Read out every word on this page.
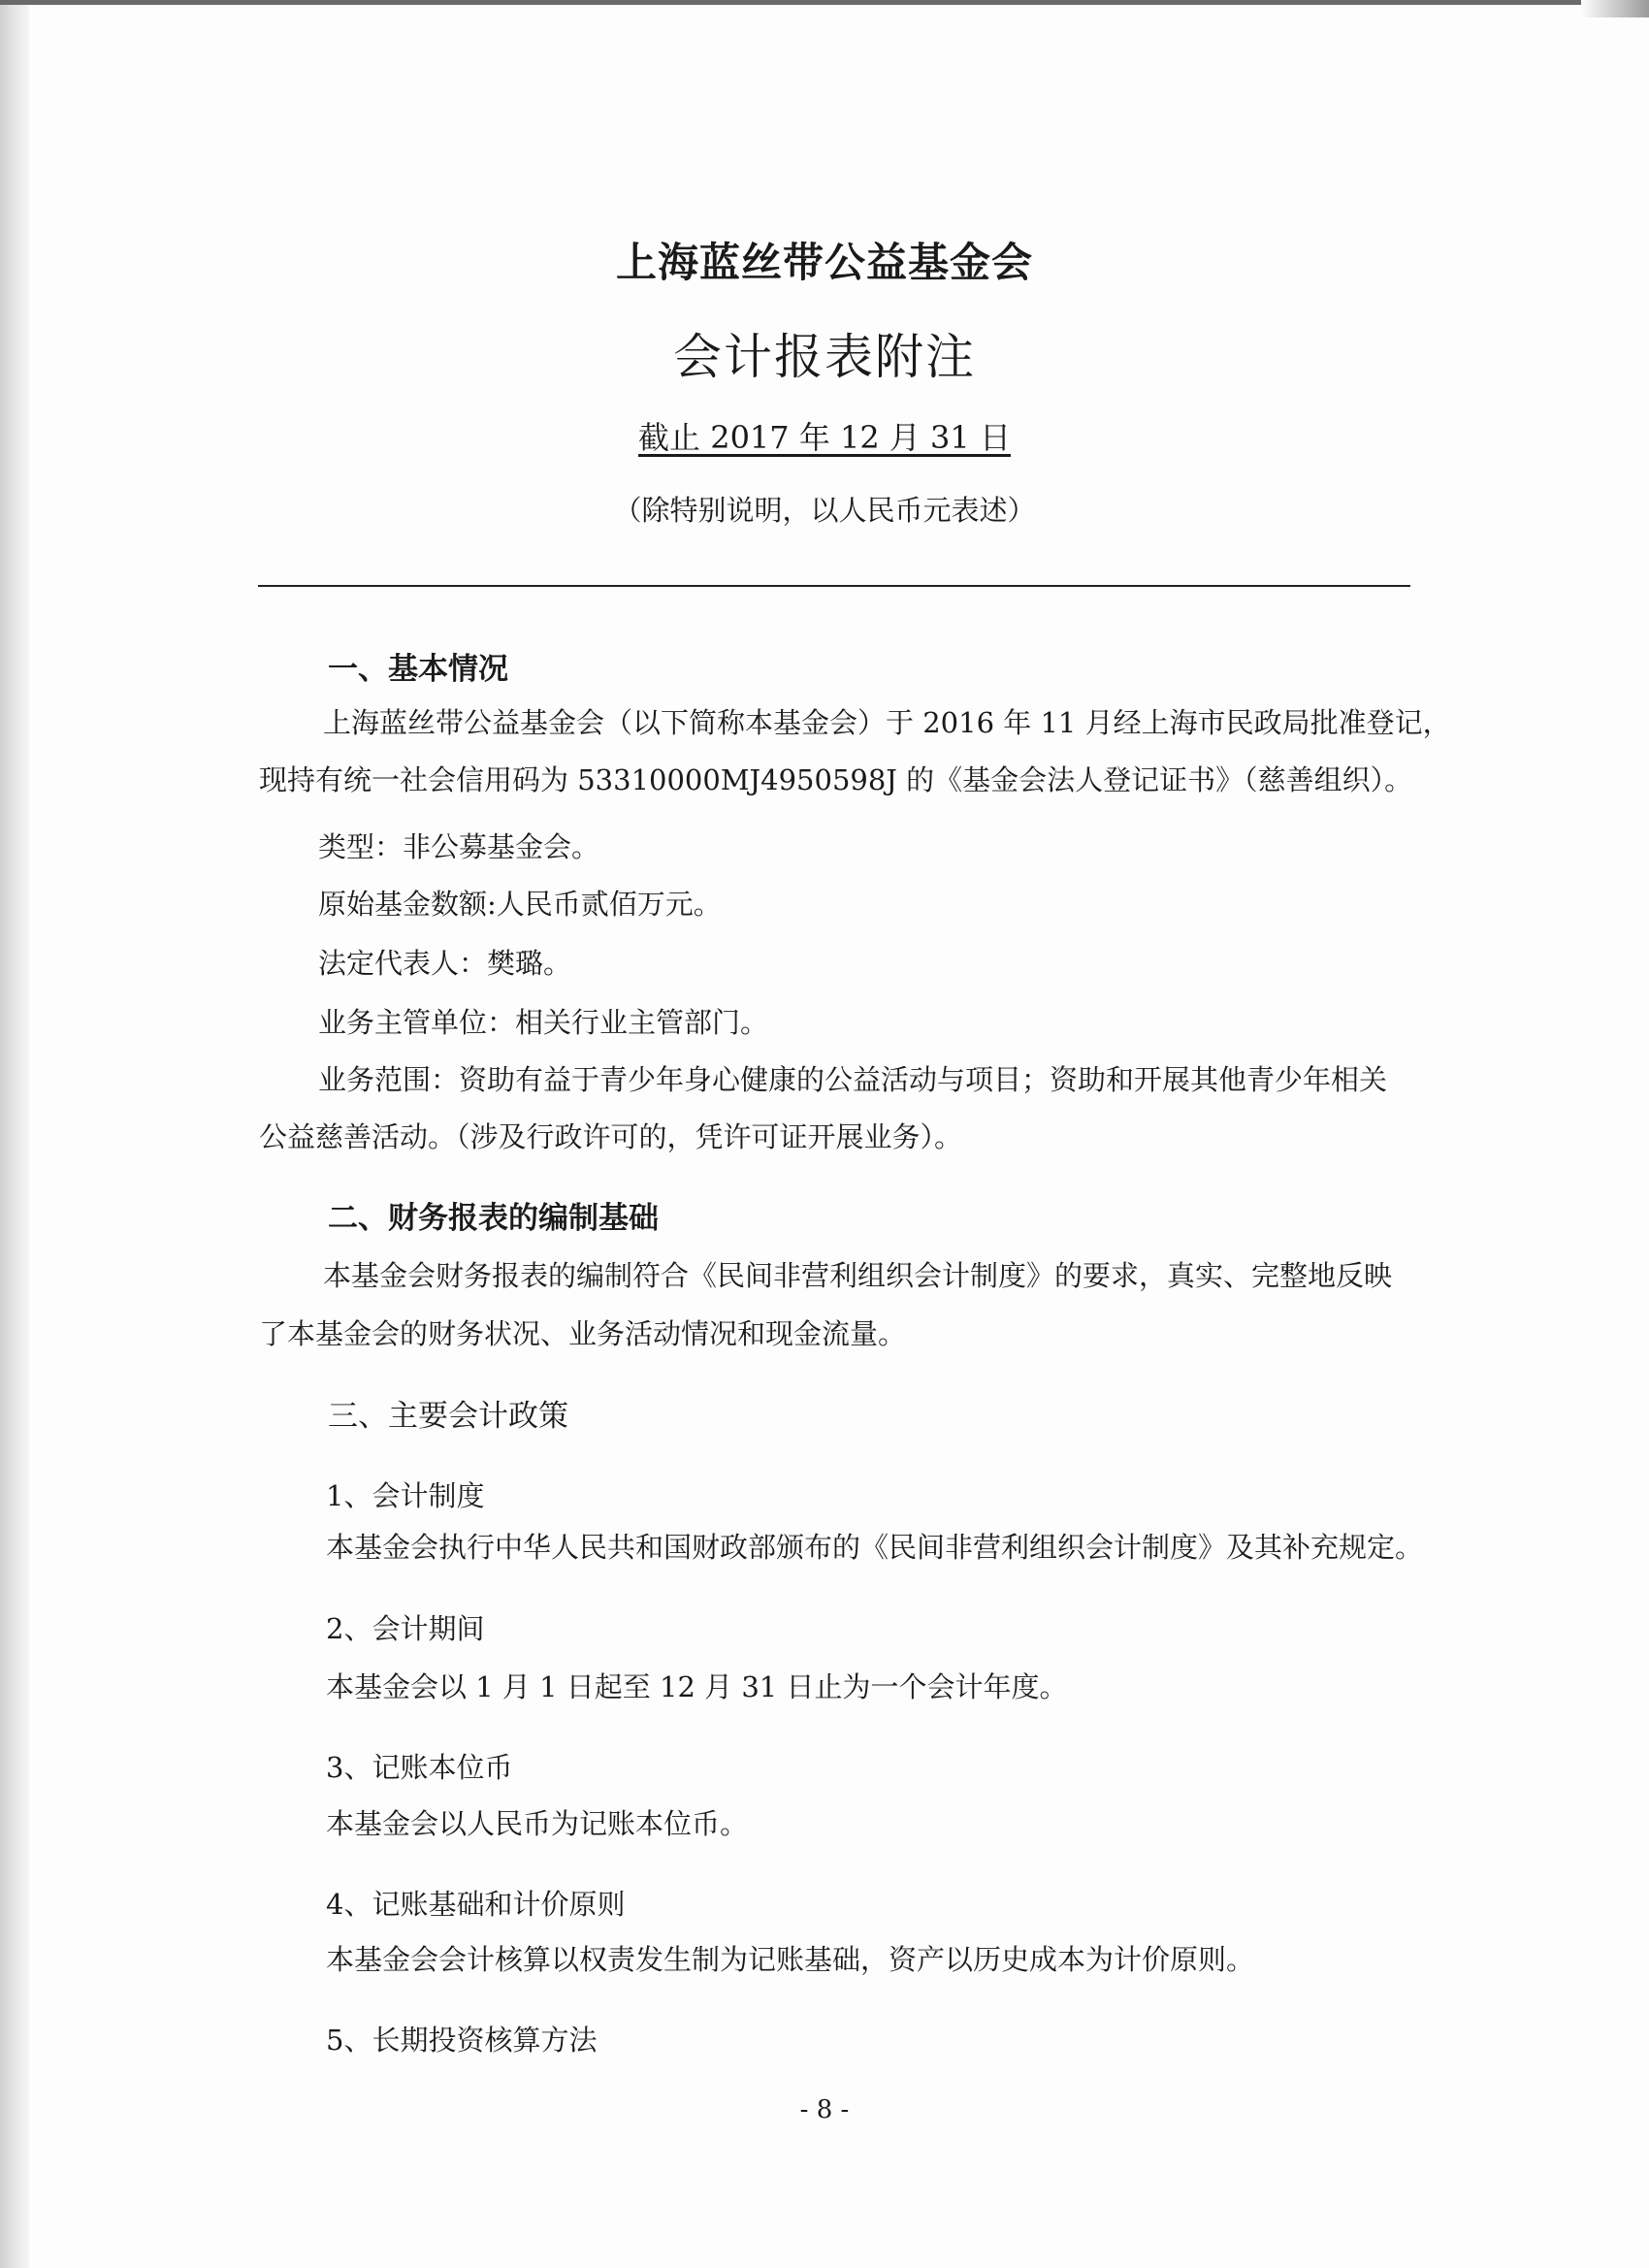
上海蓝丝带公益基金会
会计报表附注
截止 2017 年 12 月 31 日
（除特别说明，以人民币元表述）
一、基本情况
上海蓝丝带公益基金会（以下简称本基金会）于 2016 年 11 月经上海市民政局批准登记，
现持有统一社会信用码为 53310000MJ4950598J 的《基金会法人登记证书》（慈善组织）。
类型：非公募基金会。
原始基金数额:人民币贰佰万元。
法定代表人：樊璐。
业务主管单位：相关行业主管部门。
业务范围：资助有益于青少年身心健康的公益活动与项目；资助和开展其他青少年相关
公益慈善活动。（涉及行政许可的，凭许可证开展业务）。
二、财务报表的编制基础
本基金会财务报表的编制符合《民间非营利组织会计制度》的要求，真实、完整地反映
了本基金会的财务状况、业务活动情况和现金流量。
三、主要会计政策
1、会计制度
本基金会执行中华人民共和国财政部颁布的《民间非营利组织会计制度》及其补充规定。
2、会计期间
本基金会以 1 月 1 日起至 12 月 31 日止为一个会计年度。
3、记账本位币
本基金会以人民币为记账本位币。
4、记账基础和计价原则
本基金会会计核算以权责发生制为记账基础，资产以历史成本为计价原则。
5、长期投资核算方法
- 8 -
